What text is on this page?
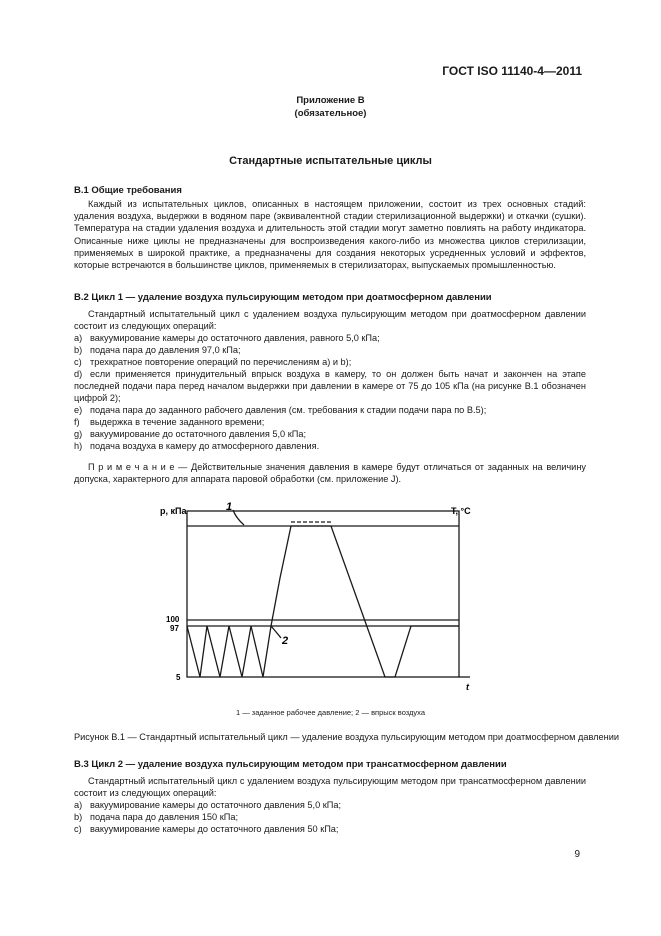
ГОСТ ISO 11140-4—2011
Приложение В
(обязательное)
Стандартные испытательные циклы
В.1 Общие требования
Каждый из испытательных циклов, описанных в настоящем приложении, состоит из трех основных стадий: удаления воздуха, выдержки в водяном паре (эквивалентной стадии стерилизационной выдержки) и откачки (сушки). Температура на стадии удаления воздуха и длительность этой стадии могут заметно повлиять на работу индикатора. Описанные ниже циклы не предназначены для воспроизведения какого-либо из множества циклов стерилизации, применяемых в широкой практике, а предназначены для создания некоторых усредненных условий и эффектов, которые встречаются в большинстве циклов, применяемых в стерилизаторах, выпускаемых промышленностью.
В.2 Цикл 1 — удаление воздуха пульсирующим методом при доатмосферном давлении
Стандартный испытательный цикл с удалением воздуха пульсирующим методом при доатмосферном давлении состоит из следующих операций:
a) вакуумирование камеры до остаточного давления, равного 5,0 кПа;
b) подача пара до давления 97,0 кПа;
c) трехкратное повторение операций по перечислениям а) и b);
d) если применяется принудительный впрыск воздуха в камеру, то он должен быть начат и закончен на этапе последней подачи пара перед началом выдержки при давлении в камере от 75 до 105 кПа (на рисунке В.1 обозначен цифрой 2);
e) подача пара до заданного рабочего давления (см. требования к стадии подачи пара по В.5);
f) выдержка в течение заданного времени;
g) вакуумирование до остаточного давления 5,0 кПа;
h) подача воздуха в камеру до атмосферного давления.
П р и м е ч а н и е — Действительные значения давления в камере будут отличаться от заданных на величину допуска, характерного для аппарата паровой обработки (см. приложение J).
p, кПа	T, °С
t
100
97
5
1
2
1 — заданное рабочее давление; 2 — впрыск воздуха
Рисунок В.1 — Стандартный испытательный цикл — удаление воздуха пульсирующим методом при доатмосферном давлении
В.3 Цикл 2 — удаление воздуха пульсирующим методом при трансатмосферном давлении
Стандартный испытательный цикл с удалением воздуха пульсирующим методом при трансатмосферном давлении состоит из следующих операций:
a) вакуумирование камеры до остаточного давления 5,0 кПа;
b) подача пара до давления 150 кПа;
c) вакуумирование камеры до остаточного давления 50 кПа;
9
